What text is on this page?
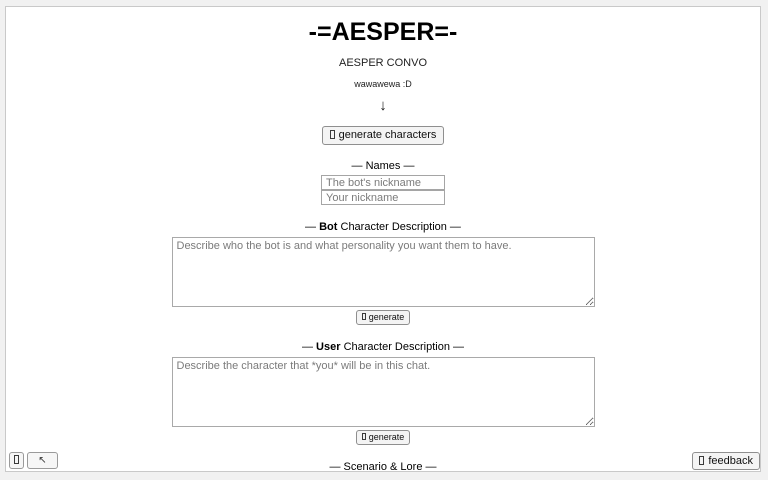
-=AESPER=-
AESPER CONVO
wawawewa :D
↓
generate characters
— Names —
The bot's nickname
Your nickname
— Bot Character Description —
Describe who the bot is and what personality you want them to have. generate
— User Character Description —
Describe the character that *you* will be in this chat. generate
— Scenario & Lore —
↖	feedback
